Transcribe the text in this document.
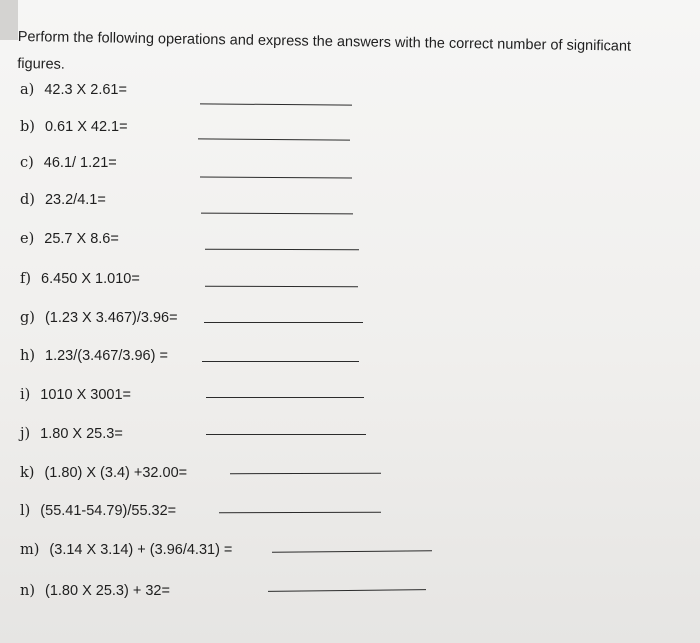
Perform the following operations and express the answers with the correct number of significant
figures.
a) 42.3 X 2.61=
b) 0.61 X 42.1=
c) 46.1/ 1.21=
d) 23.2/4.1=
e) 25.7 X 8.6=
f) 6.450 X 1.010=
g) (1.23 X 3.467)/3.96=
h) 1.23/(3.467/3.96) =
i) 1010 X 3001=
j) 1.80 X 25.3=
k) (1.80) X (3.4) +32.00=
l) (55.41-54.79)/55.32=
m) (3.14 X 3.14) + (3.96/4.31) =
n) (1.80 X 25.3) + 32=
